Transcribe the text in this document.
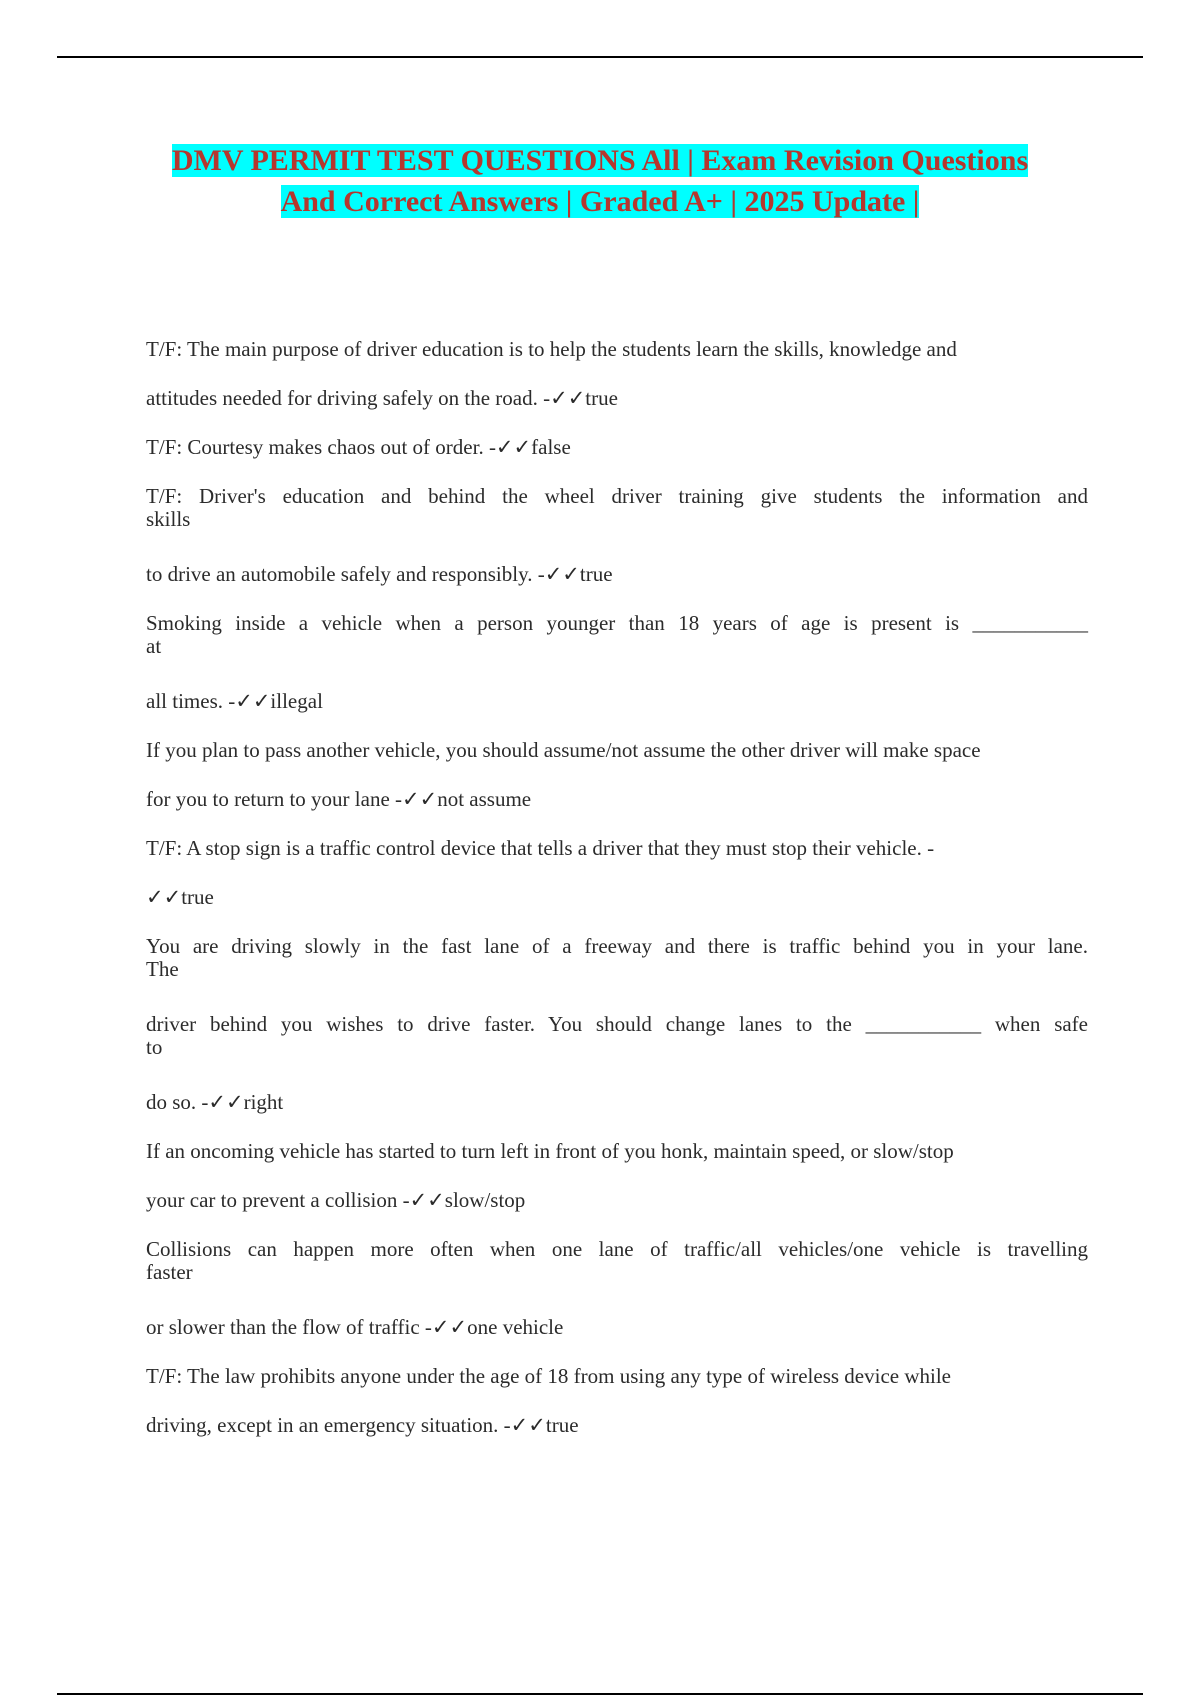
DMV PERMIT TEST QUESTIONS All | Exam Revision Questions
And Correct Answers | Graded A+ | 2025 Update |

T/F: The main purpose of driver education is to help the students learn the skills, knowledge and

attitudes needed for driving safely on the road. -✓✓true

T/F: Courtesy makes chaos out of order. -✓✓false

T/F: Driver's education and behind the wheel driver training give students the information and
skills

to drive an automobile safely and responsibly. -✓✓true

Smoking inside a vehicle when a person younger than 18 years of age is present is ___________
at

all times. -✓✓illegal

If you plan to pass another vehicle, you should assume/not assume the other driver will make space

for you to return to your lane -✓✓not assume

T/F: A stop sign is a traffic control device that tells a driver that they must stop their vehicle. -

✓✓true

You are driving slowly in the fast lane of a freeway and there is traffic behind you in your lane.
The

driver behind you wishes to drive faster. You should change lanes to the ___________ when safe
to

do so. -✓✓right

If an oncoming vehicle has started to turn left in front of you honk, maintain speed, or slow/stop

your car to prevent a collision -✓✓slow/stop

Collisions can happen more often when one lane of traffic/all vehicles/one vehicle is travelling
faster

or slower than the flow of traffic -✓✓one vehicle

T/F: The law prohibits anyone under the age of 18 from using any type of wireless device while

driving, except in an emergency situation. -✓✓true
